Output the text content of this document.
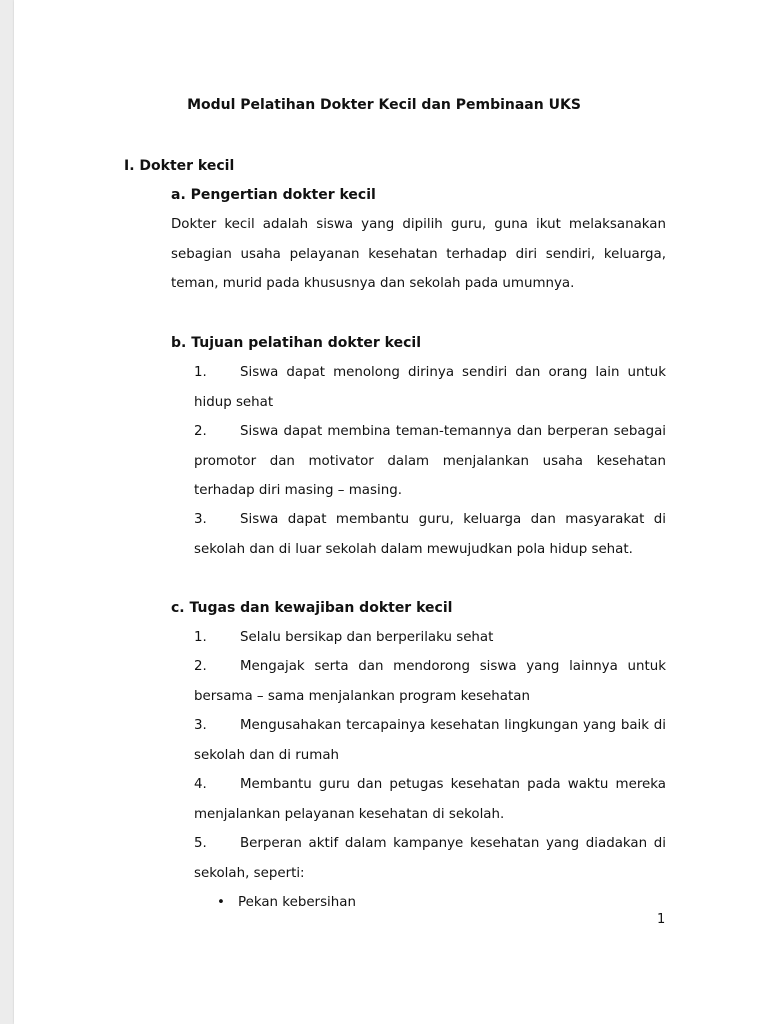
Modul Pelatihan Dokter Kecil dan Pembinaan UKS
I. Dokter kecil
a. Pengertian dokter kecil
Dokter kecil adalah siswa yang dipilih guru, guna ikut melaksanakan sebagian usaha pelayanan kesehatan terhadap diri sendiri, keluarga, teman, murid pada khususnya dan sekolah pada umumnya.
b. Tujuan pelatihan dokter kecil
1. Siswa dapat menolong dirinya sendiri dan orang lain untuk hidup sehat
2. Siswa dapat membina teman-temannya dan berperan sebagai promotor dan motivator dalam menjalankan usaha kesehatan terhadap diri masing – masing.
3. Siswa dapat membantu guru, keluarga dan masyarakat di sekolah dan di luar sekolah dalam mewujudkan pola hidup sehat.
c. Tugas dan kewajiban dokter kecil
1. Selalu bersikap dan berperilaku sehat
2. Mengajak serta dan mendorong siswa yang lainnya untuk bersama – sama menjalankan program kesehatan
3. Mengusahakan tercapainya kesehatan lingkungan yang baik di sekolah dan di rumah
4. Membantu guru dan petugas kesehatan pada waktu mereka menjalankan pelayanan kesehatan di sekolah.
5. Berperan aktif dalam kampanye kesehatan yang diadakan di sekolah, seperti:
• Pekan kebersihan
1
